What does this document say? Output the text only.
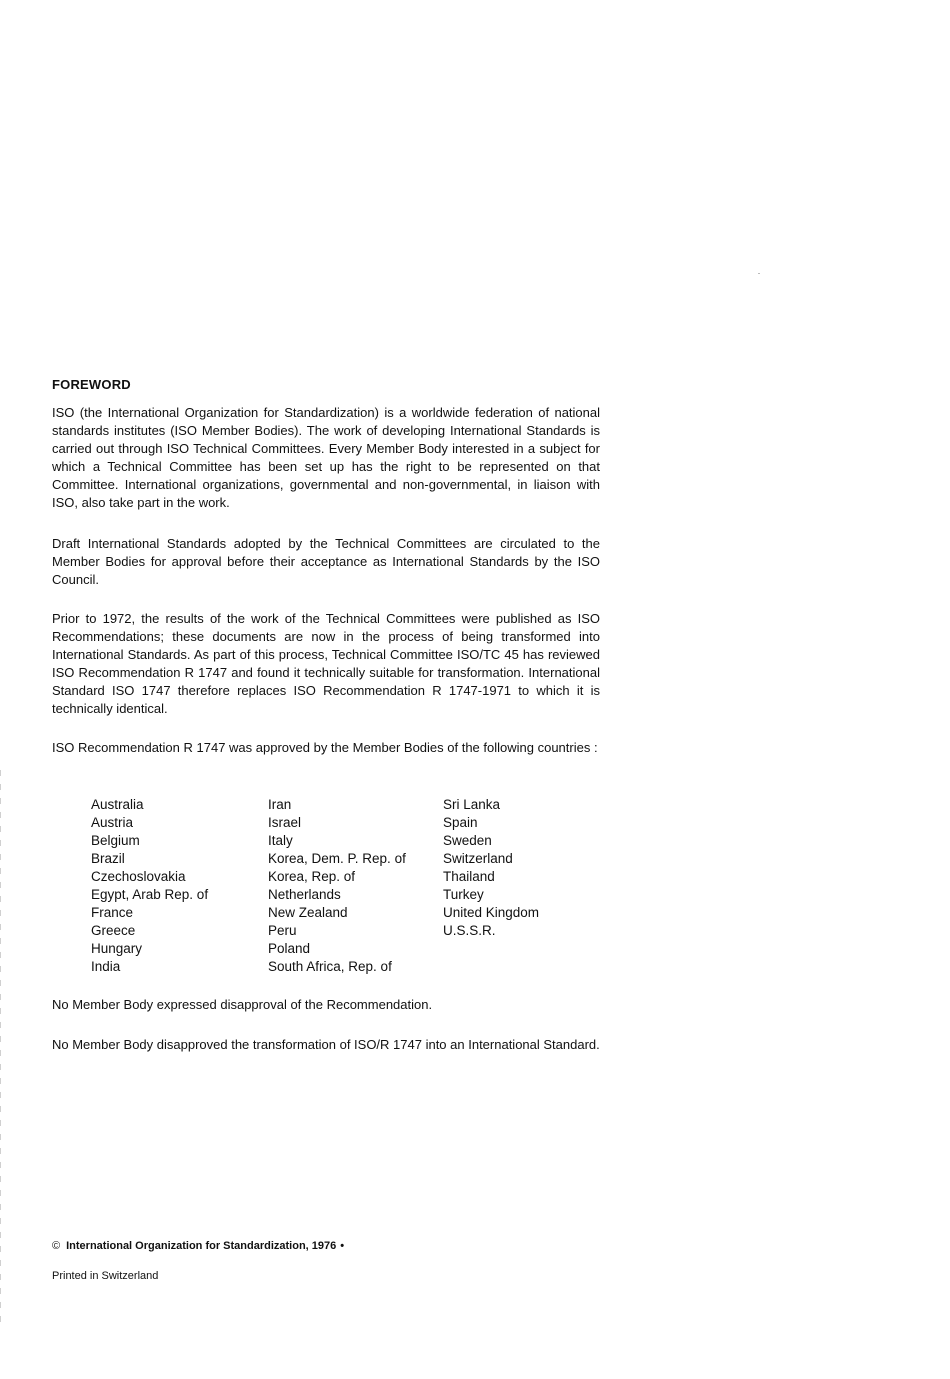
FOREWORD
ISO (the International Organization for Standardization) is a worldwide federation of national standards institutes (ISO Member Bodies). The work of developing International Standards is carried out through ISO Technical Committees. Every Member Body interested in a subject for which a Technical Committee has been set up has the right to be represented on that Committee. International organizations, governmental and non-governmental, in liaison with ISO, also take part in the work.
Draft International Standards adopted by the Technical Committees are circulated to the Member Bodies for approval before their acceptance as International Standards by the ISO Council.
Prior to 1972, the results of the work of the Technical Committees were published as ISO Recommendations; these documents are now in the process of being transformed into International Standards. As part of this process, Technical Committee ISO/TC 45 has reviewed ISO Recommendation R 1747 and found it technically suitable for transformation. International Standard ISO 1747 therefore replaces ISO Recommendation R 1747-1971 to which it is technically identical.
ISO Recommendation R 1747 was approved by the Member Bodies of the following countries :
Australia
Austria
Belgium
Brazil
Czechoslovakia
Egypt, Arab Rep. of
France
Greece
Hungary
India
Iran
Israel
Italy
Korea, Dem. P. Rep. of
Korea, Rep. of
Netherlands
New Zealand
Peru
Poland
South Africa, Rep. of
Sri Lanka
Spain
Sweden
Switzerland
Thailand
Turkey
United Kingdom
U.S.S.R.
No Member Body expressed disapproval of the Recommendation.
No Member Body disapproved the transformation of ISO/R 1747 into an International Standard.
© International Organization for Standardization, 1976 •
Printed in Switzerland
